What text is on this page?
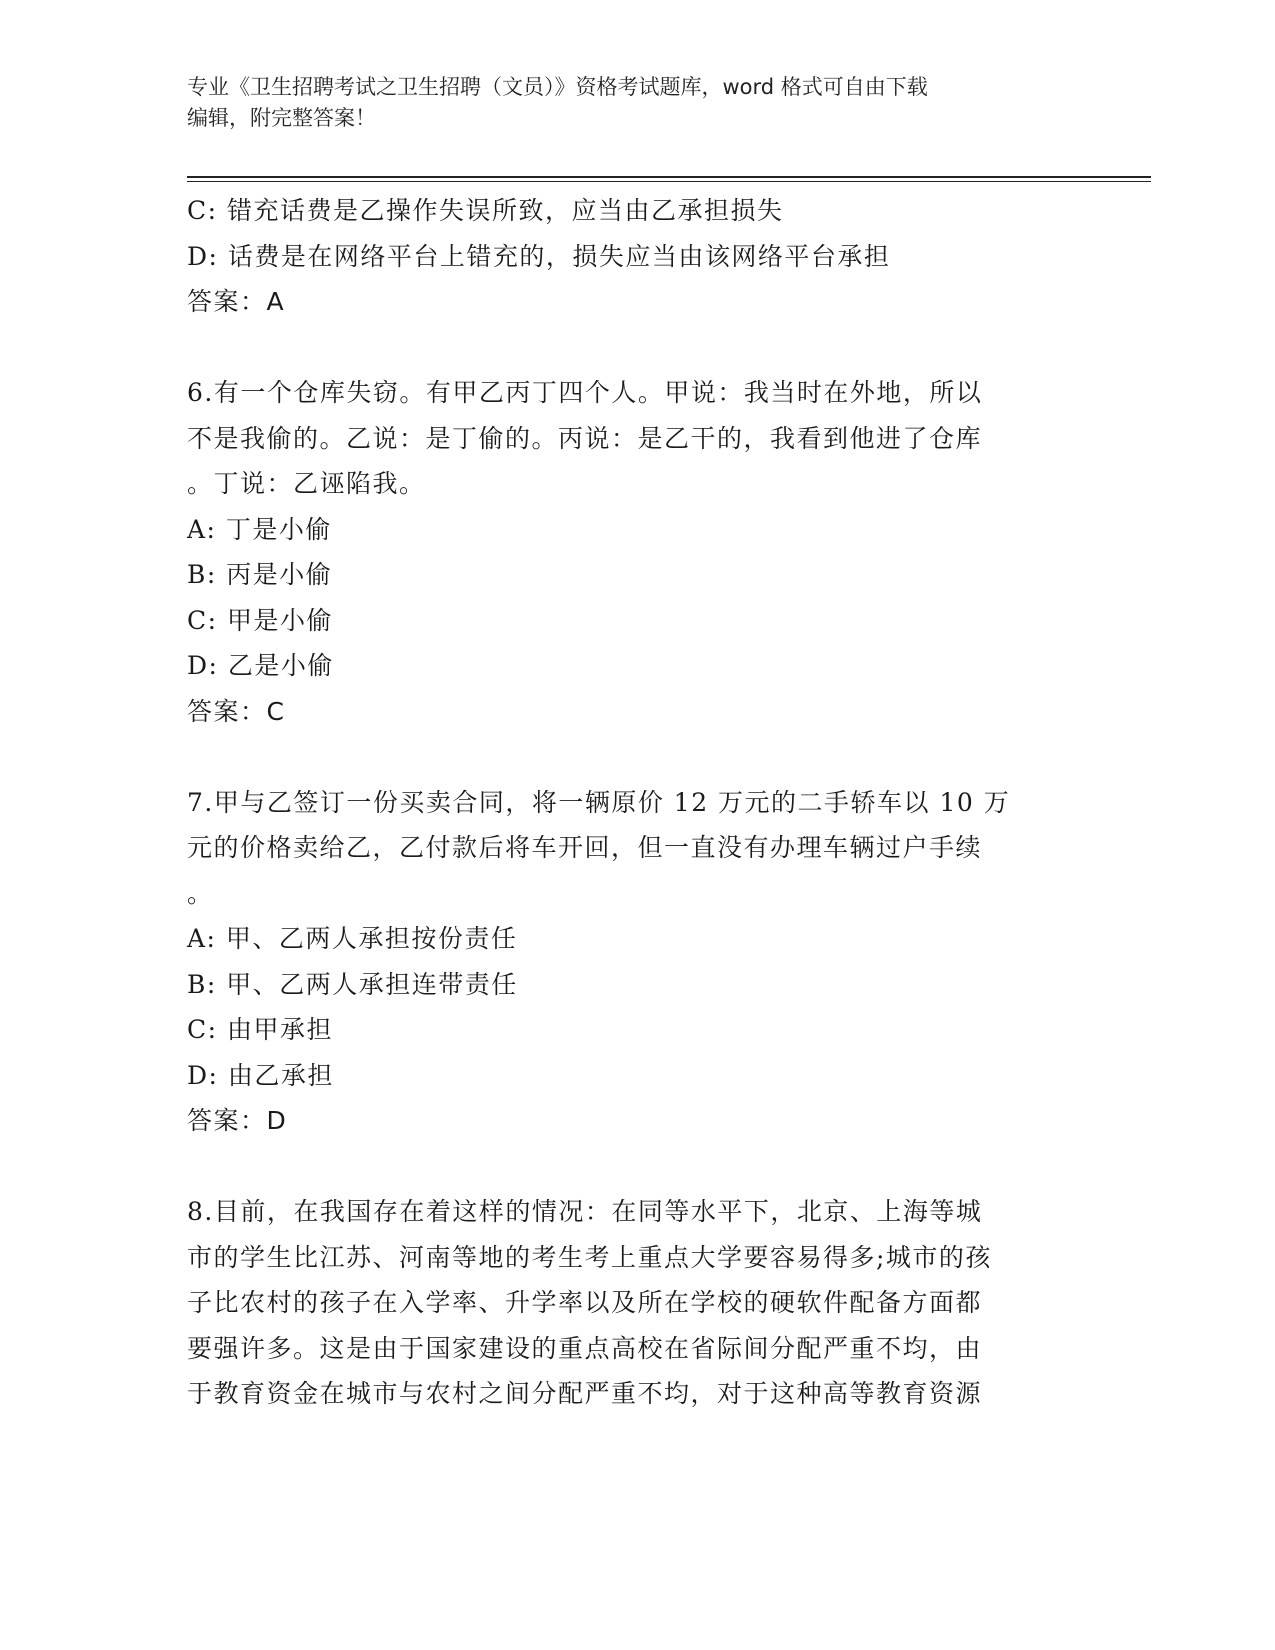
专业《卫生招聘考试之卫生招聘（文员）》资格考试题库，word 格式可自由下载
编辑，附完整答案！
C: 错充话费是乙操作失误所致，应当由乙承担损失
D: 话费是在网络平台上错充的，损失应当由该网络平台承担
答案：A
6.有一个仓库失窃。有甲乙丙丁四个人。甲说：我当时在外地，所以
不是我偷的。乙说：是丁偷的。丙说：是乙干的，我看到他进了仓库
。丁说：乙诬陷我。
A: 丁是小偷
B: 丙是小偷
C: 甲是小偷
D: 乙是小偷
答案：C
7.甲与乙签订一份买卖合同，将一辆原价 12 万元的二手轿车以 10 万
元的价格卖给乙，乙付款后将车开回，但一直没有办理车辆过户手续
。
A: 甲、乙两人承担按份责任
B: 甲、乙两人承担连带责任
C: 由甲承担
D: 由乙承担
答案：D
8.目前，在我国存在着这样的情况：在同等水平下，北京、上海等城
市的学生比江苏、河南等地的考生考上重点大学要容易得多;城市的孩
子比农村的孩子在入学率、升学率以及所在学校的硬软件配备方面都
要强许多。这是由于国家建设的重点高校在省际间分配严重不均，由
于教育资金在城市与农村之间分配严重不均，对于这种高等教育资源
